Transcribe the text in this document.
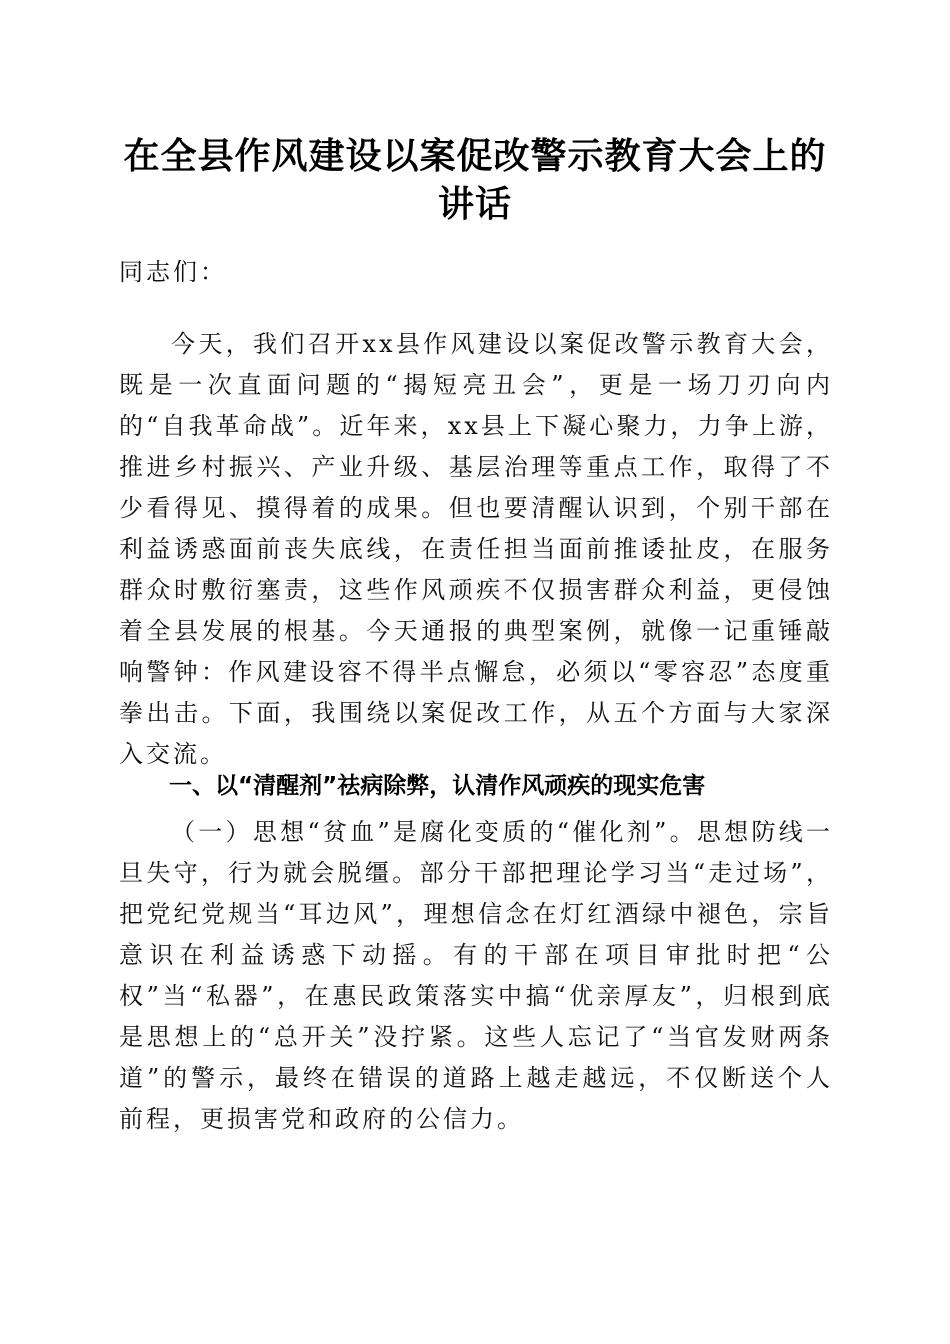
在全县作风建设以案促改警示教育大会上的讲话
同志们：
今天，我们召开xx县作风建设以案促改警示教育大会，既是一次直面问题的“揭短亮丑会”，更是一场刀刃向内的“自我革命战”。近年来，xx县上下凝心聚力，力争上游，推进乡村振兴、产业升级、基层治理等重点工作，取得了不少看得见、摸得着的成果。但也要清醒认识到，个别干部在利益诱惑面前丧失底线，在责任担当面前推诿扯皮，在服务群众时敷衍塞责，这些作风顽疾不仅损害群众利益，更侵蚀着全县发展的根基。今天通报的典型案例，就像一记重锤敲响警钟：作风建设容不得半点懈怠，必须以“零容忍”态度重拳出击。下面，我围绕以案促改工作，从五个方面与大家深入交流。
一、以“清醒剂”祛病除弊，认清作风顽疾的现实危害
（一）思想“贫血”是腐化变质的“催化剂”。思想防线一旦失守，行为就会脱缰。部分干部把理论学习当“走过场”，把党纪党规当“耳边风”，理想信念在灯红酒绿中褪色，宗旨意识在利益诱惑下动摇。有的干部在项目审批时把“公权”当“私器”，在惠民政策落实中搞“优亲厚友”，归根到底是思想上的“总开关”没拧紧。这些人忘记了“当官发财两条道”的警示，最终在错误的道路上越走越远，不仅断送个人前程，更损害党和政府的公信力。
